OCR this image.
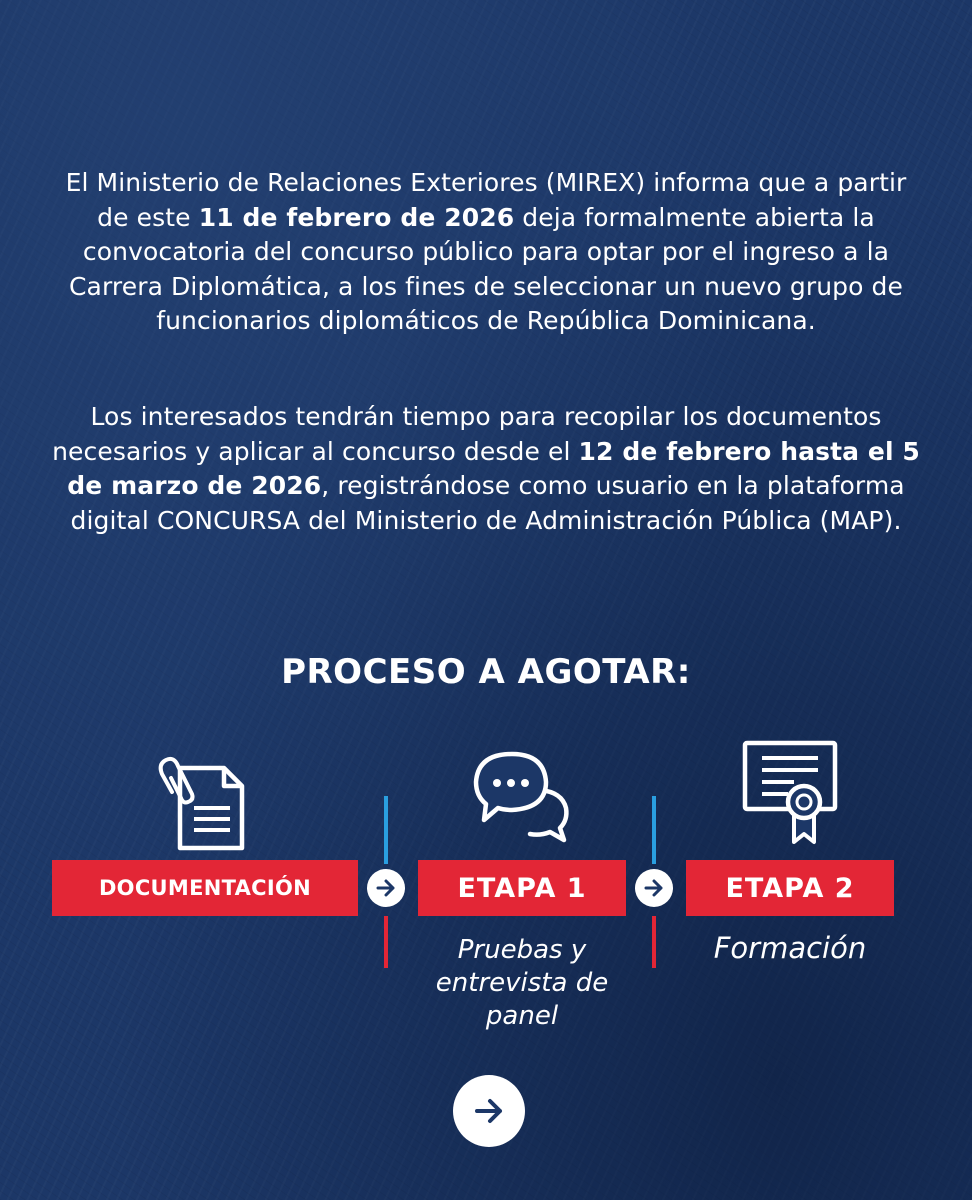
El Ministerio de Relaciones Exteriores (MIREX) informa que a partir de este 11 de febrero de 2026 deja formalmente abierta la convocatoria del concurso público para optar por el ingreso a la Carrera Diplomática, a los fines de seleccionar un nuevo grupo de funcionarios diplomáticos de República Dominicana.

Los interesados tendrán tiempo para recopilar los documentos necesarios y aplicar al concurso desde el 12 de febrero hasta el 5 de marzo de 2026, registrándose como usuario en la plataforma digital CONCURSA del Ministerio de Administración Pública (MAP).

PROCESO A AGOTAR:
DOCUMENTACIÓN	ETAPA 1	ETAPA 2
Pruebas y entrevista de panel
Formación
